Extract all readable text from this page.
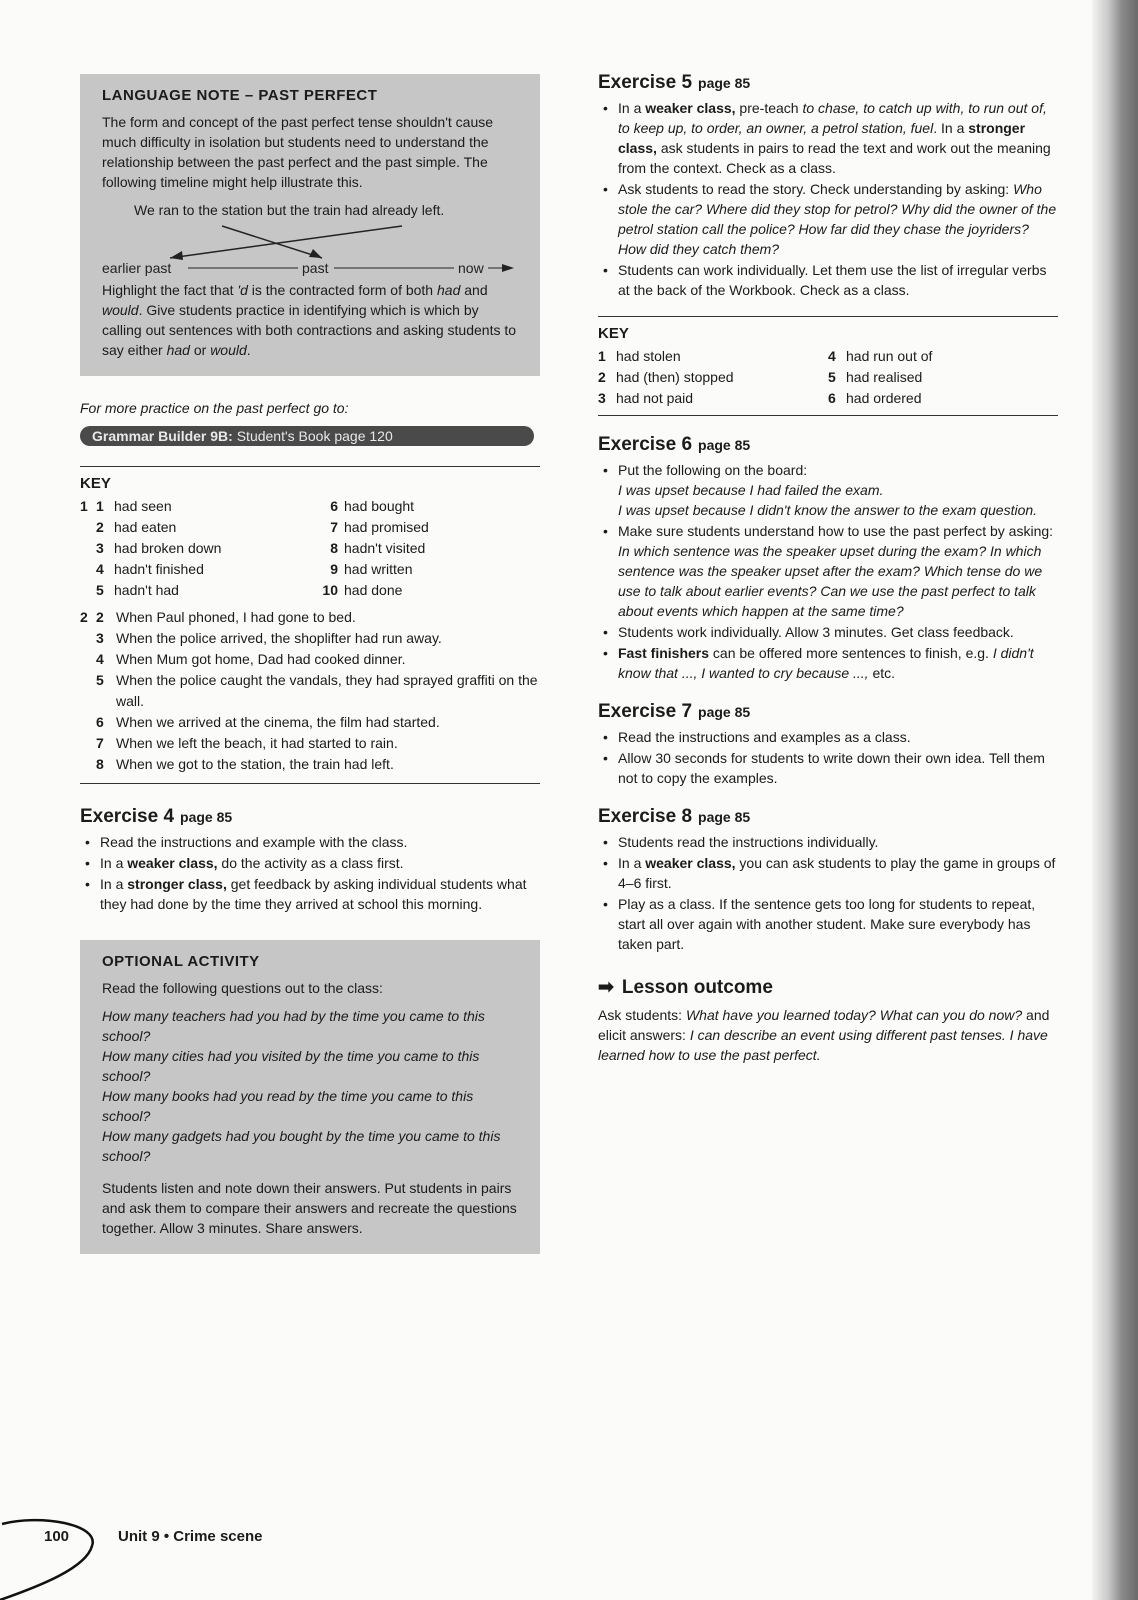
LANGUAGE NOTE – PAST PERFECT

The form and concept of the past perfect tense shouldn't cause much difficulty in isolation but students need to understand the relationship between the past perfect and the past simple. The following timeline might help illustrate this.

We ran to the station but the train had already left.
earlier past	past	now

Highlight the fact that 'd is the contracted form of both had and would. Give students practice in identifying which is which by calling out sentences with both contractions and asking students to say either had or would.

For more practice on the past perfect go to:
Grammar Builder 9B: Student's Book page 120
KEY
1 1 had seen
2 had eaten
3 had broken down
4 hadn't finished
5 hadn't had
6 had bought
7 had promised
8 hadn't visited
9 had written
10 had done
2 2 When Paul phoned, I had gone to bed.
3 When the police arrived, the shoplifter had run away.
4 When Mum got home, Dad had cooked dinner.
5 When the police caught the vandals, they had sprayed graffiti on the wall.
6 When we arrived at the cinema, the film had started.
7 When we left the beach, it had started to rain.
8 When we got to the station, the train had left.
Exercise 4 page 85
• Read the instructions and example with the class.
• In a weaker class, do the activity as a class first.
• In a stronger class, get feedback by asking individual students what they had done by the time they arrived at school this morning.
OPTIONAL ACTIVITY

Read the following questions out to the class:

How many teachers had you had by the time you came to this school?
How many cities had you visited by the time you came to this school?
How many books had you read by the time you came to this school?
How many gadgets had you bought by the time you came to this school?

Students listen and note down their answers. Put students in pairs and ask them to compare their answers and recreate the questions together. Allow 3 minutes. Share answers.

Exercise 5 page 85
• In a weaker class, pre-teach to chase, to catch up with, to run out of, to keep up, to order, an owner, a petrol station, fuel. In a stronger class, ask students in pairs to read the text and work out the meaning from the context. Check as a class.
• Ask students to read the story. Check understanding by asking: Who stole the car? Where did they stop for petrol? Why did the owner of the petrol station call the police? How far did they chase the joyriders? How did they catch them?
• Students can work individually. Let them use the list of irregular verbs at the back of the Workbook. Check as a class.
KEY
1 had stolen
2 had (then) stopped
3 had not paid
4 had run out of
5 had realised
6 had ordered
Exercise 6 page 85
• Put the following on the board:
I was upset because I had failed the exam.
I was upset because I didn't know the answer to the exam question.
• Make sure students understand how to use the past perfect by asking: In which sentence was the speaker upset during the exam? In which sentence was the speaker upset after the exam? Which tense do we use to talk about earlier events? Can we use the past perfect to talk about events which happen at the same time?
• Students work individually. Allow 3 minutes. Get class feedback.
• Fast finishers can be offered more sentences to finish, e.g. I didn't know that ..., I wanted to cry because ..., etc.
Exercise 7 page 85
• Read the instructions and examples as a class.
• Allow 30 seconds for students to write down their own idea. Tell them not to copy the examples.
Exercise 8 page 85
• Students read the instructions individually.
• In a weaker class, you can ask students to play the game in groups of 4–6 first.
• Play as a class. If the sentence gets too long for students to repeat, start all over again with another student. Make sure everybody has taken part.
➡ Lesson outcome

Ask students: What have you learned today? What can you do now? and elicit answers: I can describe an event using different past tenses. I have learned how to use the past perfect.

100	Unit 9 • Crime scene
